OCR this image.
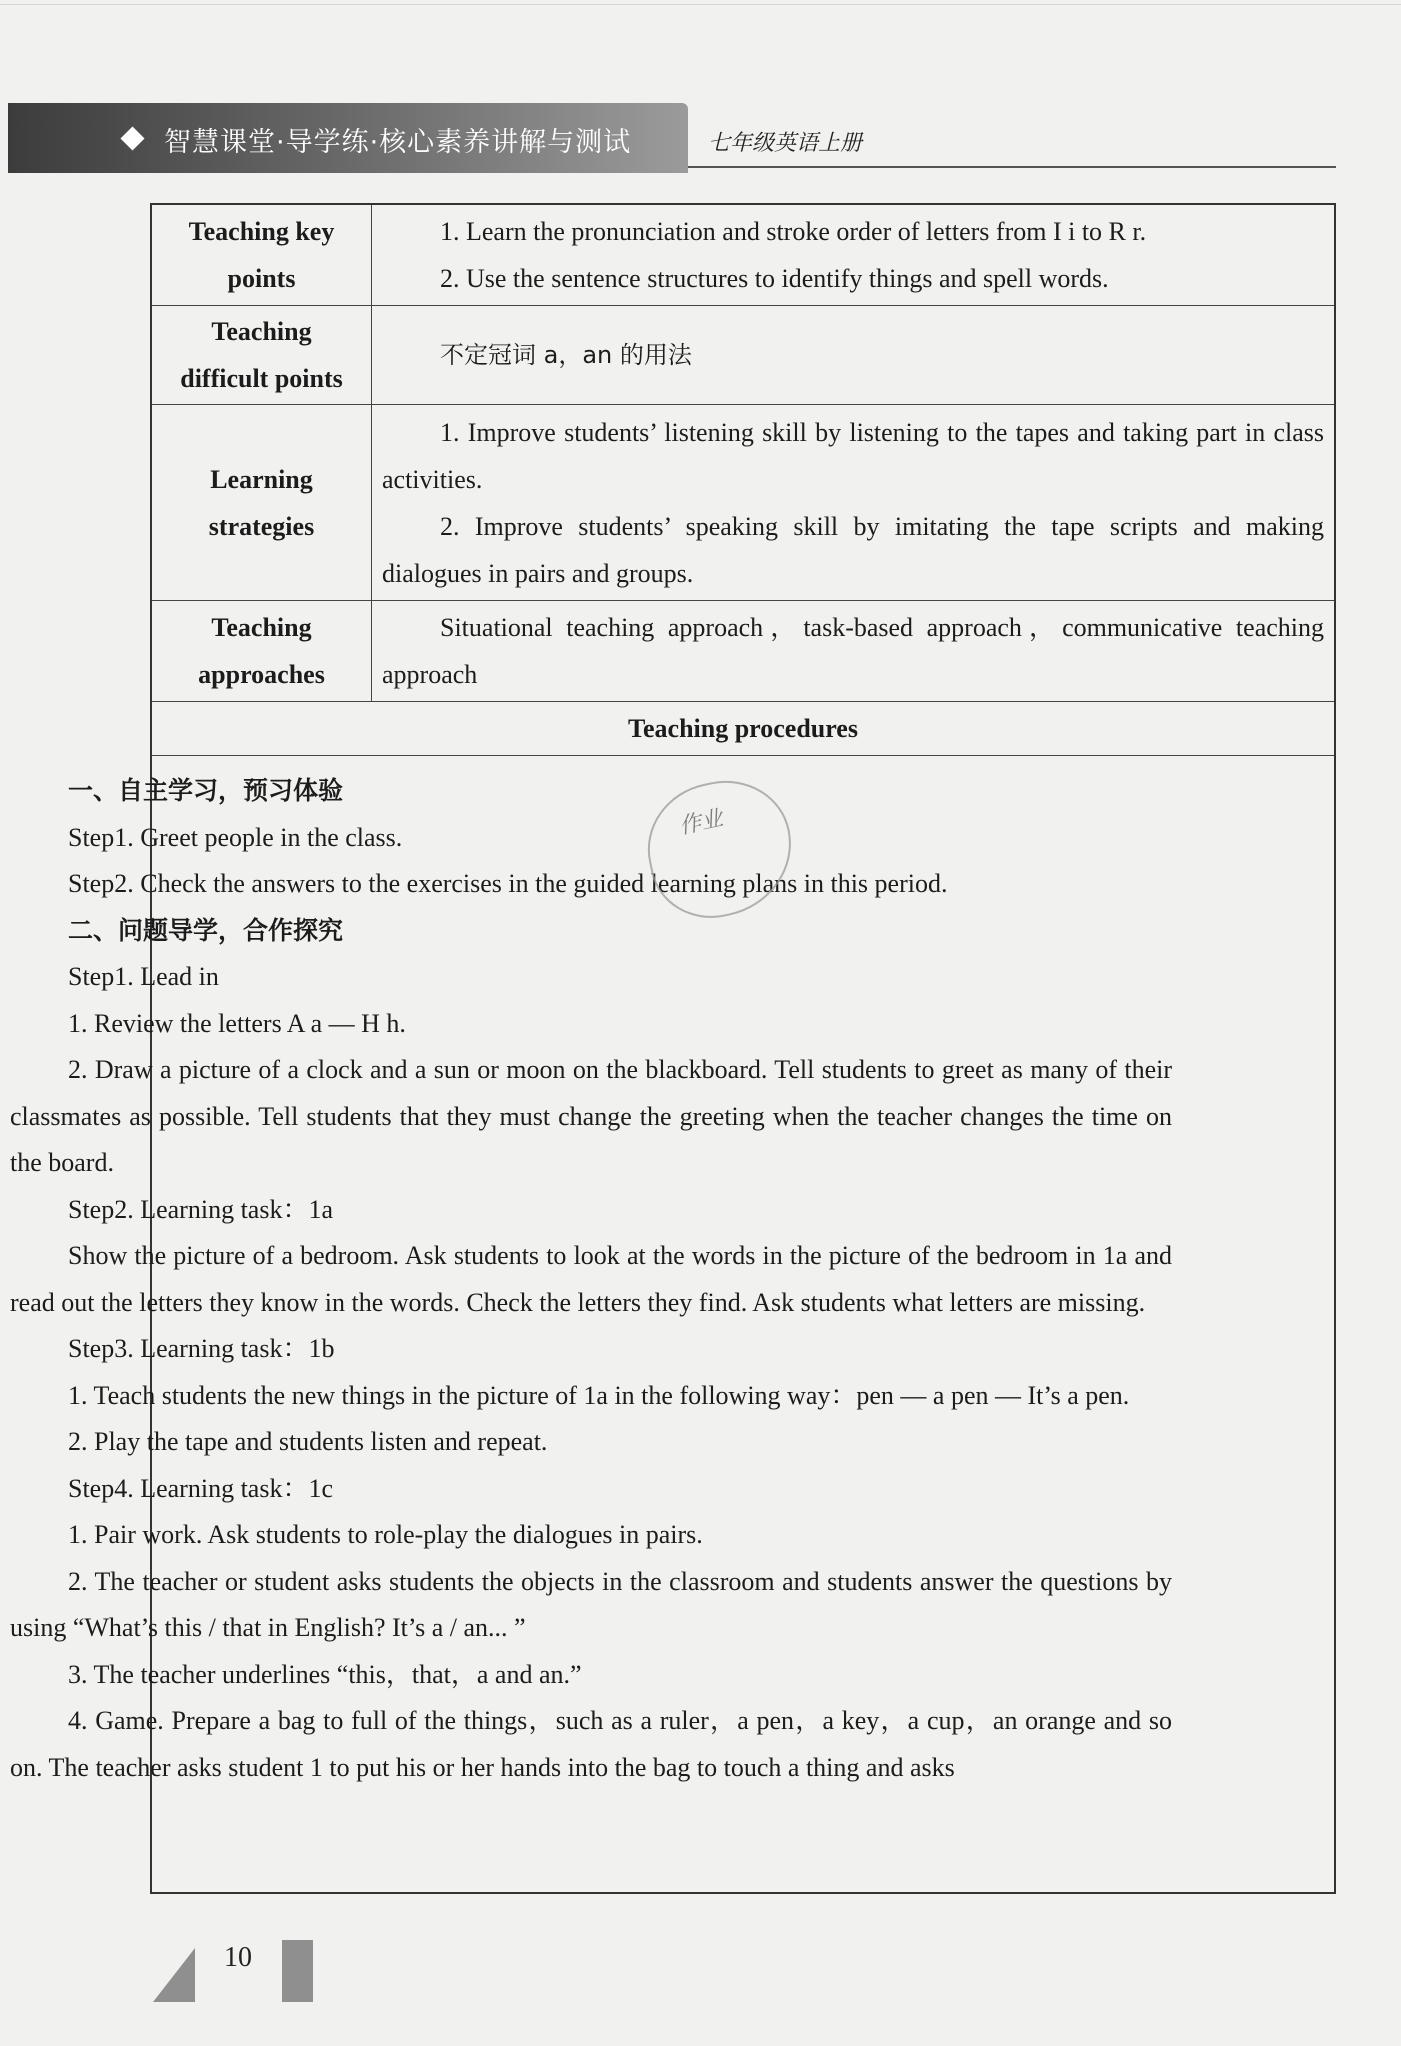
智慧课堂·导学练·核心素养讲解与测试	七年级英语上册
Teaching key
points

1. Learn the pronunciation and stroke order of letters from I i to R r.

2. Use the sentence structures to identify things and spell words.

Teaching
difficult points

不定冠词 a，an 的用法

Learning
strategies

1. Improve students’ listening skill by listening to the tapes and taking part in class activities.

2. Improve students’ speaking skill by imitating the tape scripts and making dialogues in pairs and groups.

Teaching
approaches

Situational teaching approach，task-based approach，communicative teaching approach

Teaching procedures

一、自主学习，预习体验

Step1. Greet people in the class.

Step2. Check the answers to the exercises in the guided learning plans in this period.

二、问题导学，合作探究

Step1. Lead in

1. Review the letters A a — H h.

2. Draw a picture of a clock and a sun or moon on the blackboard. Tell students to greet as many of their classmates as possible. Tell students that they must change the greeting when the teacher changes the time on the board.

Step2. Learning task：1a

Show the picture of a bedroom. Ask students to look at the words in the picture of the bedroom in 1a and read out the letters they know in the words. Check the letters they find. Ask students what letters are missing.

Step3. Learning task：1b

1. Teach students the new things in the picture of 1a in the following way：pen — a pen — It’s a pen.

2. Play the tape and students listen and repeat.

Step4. Learning task：1c

1. Pair work. Ask students to role-play the dialogues in pairs.

2. The teacher or student asks students the objects in the classroom and students answer the questions by using “What’s this / that in English? It’s a / an... ”

3. The teacher underlines “this，that，a and an.”

4. Game. Prepare a bag to full of the things，such as a ruler，a pen，a key，a cup，an orange and so on. The teacher asks student 1 to put his or her hands into the bag to touch a thing and asks

作业
10
